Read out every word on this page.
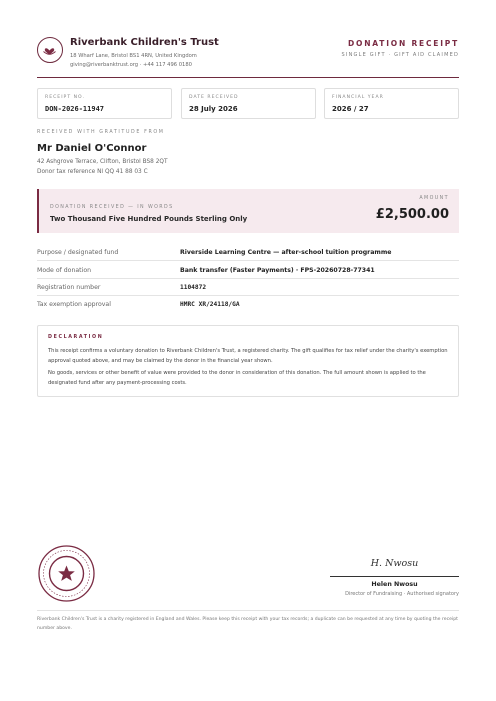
Riverbank Children's Trust
18 Wharf Lane, Bristol BS1 4RN, United Kingdom
giving@riverbanktrust.org · +44 117 496 0180
DONATION RECEIPT
SINGLE GIFT · GIFT AID CLAIMED
RECEIPT NO.
DON-2026-11947
DATE RECEIVED
28 July 2026
FINANCIAL YEAR
2026 / 27
RECEIVED WITH GRATITUDE FROM
Mr Daniel O'Connor
42 Ashgrove Terrace, Clifton, Bristol BS8 2QT
Donor tax reference NI QQ 41 88 03 C
DONATION RECEIVED — IN WORDS
Two Thousand Five Hundred Pounds Sterling Only
AMOUNT
£2,500.00
Purpose / designated fund	Riverside Learning Centre — after-school tuition programme
Mode of donation	Bank transfer (Faster Payments) · FPS-20260728-77341
Registration number	1104872
Tax exemption approval	HMRC XR/24118/GA
DECLARATION
This receipt confirms a voluntary donation to Riverbank Children's Trust, a registered charity. The gift qualifies for tax relief under the charity's exemption approval quoted above, and may be claimed by the donor in the financial year shown.
No goods, services or other benefit of value were provided to the donor in consideration of this donation. The full amount shown is applied to the designated fund after any payment-processing costs.
H. Nwosu
Helen Nwosu
Director of Fundraising · Authorised signatory
Riverbank Children's Trust is a charity registered in England and Wales. Please keep this receipt with your tax records; a duplicate can be requested at any time by quoting the receipt number above.
